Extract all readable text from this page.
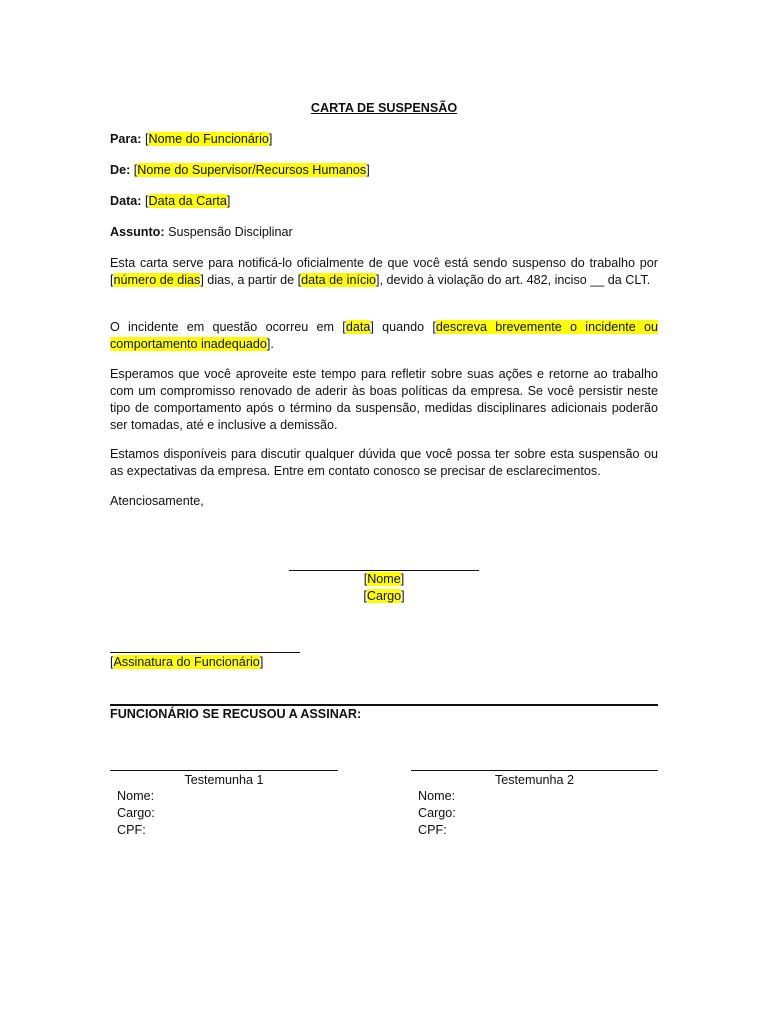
CARTA DE SUSPENSÃO
Para: [Nome do Funcionário]
De: [Nome do Supervisor/Recursos Humanos]
Data: [Data da Carta]
Assunto: Suspensão Disciplinar
Esta carta serve para notificá-lo oficialmente de que você está sendo suspenso do trabalho por [número de dias] dias, a partir de [data de início], devido à violação do art. 482, inciso __ da CLT.
O incidente em questão ocorreu em [data] quando [descreva brevemente o incidente ou comportamento inadequado].
Esperamos que você aproveite este tempo para refletir sobre suas ações e retorne ao trabalho com um compromisso renovado de aderir às boas políticas da empresa. Se você persistir neste tipo de comportamento após o término da suspensão, medidas disciplinares adicionais poderão ser tomadas, até e inclusive a demissão.
Estamos disponíveis para discutir qualquer dúvida que você possa ter sobre esta suspensão ou as expectativas da empresa. Entre em contato conosco se precisar de esclarecimentos.
Atenciosamente,
[Nome]
[Cargo]
[Assinatura do Funcionário]
FUNCIONÁRIO SE RECUSOU A ASSINAR:
Testemunha 1
Nome:
Cargo:
CPF:
Testemunha 2
Nome:
Cargo:
CPF:
